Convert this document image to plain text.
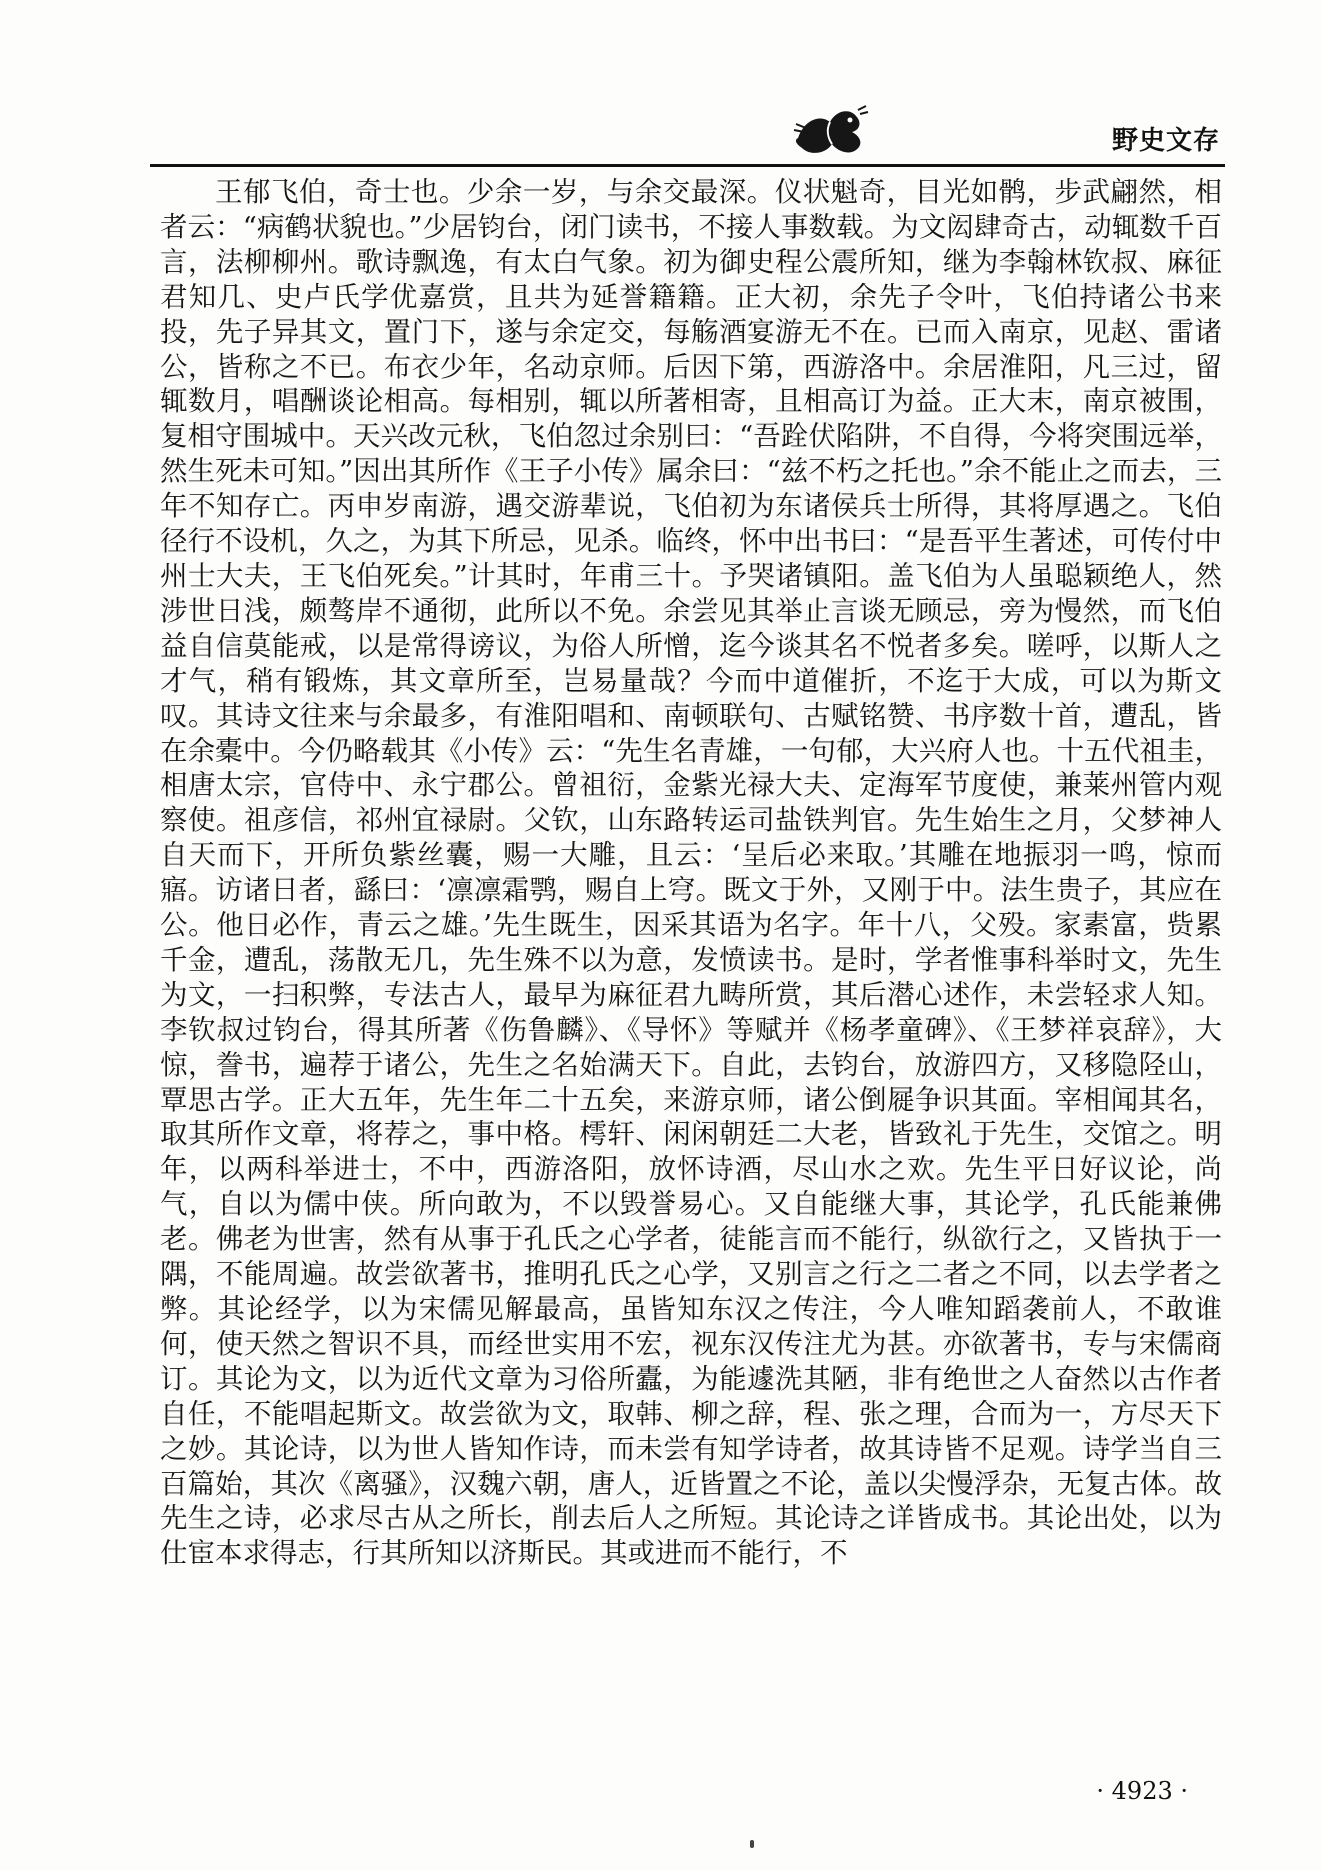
野史文存

王郁飞伯，奇士也。少余一岁，与余交最深。仪状魁奇，目光如鹘，步武翩然，相者云：“病鹤状貌也。”少居钧台，闭门读书，不接人事数载。为文闳肆奇古，动辄数千百言，法柳柳州。歌诗飘逸，有太白气象。初为御史程公震所知，继为李翰林钦叔、麻征君知几、史卢氏学优嘉赏，且共为延誉籍籍。正大初，余先子令叶，飞伯持诸公书来投，先子异其文，置门下，遂与余定交，每觞酒宴游无不在。已而入南京，见赵、雷诸公，皆称之不已。布衣少年，名动京师。后因下第，西游洛中。余居淮阳，凡三过，留辄数月，唱酬谈论相高。每相别，辄以所著相寄，且相高订为益。正大末，南京被围，复相守围城中。天兴改元秋，飞伯忽过余别曰：“吾跧伏陷阱，不自得，今将突围远举，然生死未可知。”因出其所作《王子小传》属余曰：“兹不朽之托也。”余不能止之而去，三年不知存亡。丙申岁南游，遇交游辈说，飞伯初为东诸侯兵士所得，其将厚遇之。飞伯径行不设机，久之，为其下所忌，见杀。临终，怀中出书曰：“是吾平生著述，可传付中州士大夫，王飞伯死矣。”计其时，年甫三十。予哭诸镇阳。盖飞伯为人虽聪颖绝人，然涉世日浅，颇骜岸不通彻，此所以不免。余尝见其举止言谈无顾忌，旁为慢然，而飞伯益自信莫能戒，以是常得谤议，为俗人所憎，迄今谈其名不悦者多矣。嗟呼，以斯人之才气，稍有锻炼，其文章所至，岂易量哉？今而中道催折，不迄于大成，可以为斯文叹。其诗文往来与余最多，有淮阳唱和、南顿联句、古赋铭赞、书序数十首，遭乱，皆在余橐中。今仍略载其《小传》云：“先生名青雄，一句郁，大兴府人也。十五代祖圭，相唐太宗，官侍中、永宁郡公。曾祖衍，金紫光禄大夫、定海军节度使，兼莱州管内观察使。祖彦信，祁州宜禄尉。父钦，山东路转运司盐铁判官。先生始生之月，父梦神人自天而下，开所负紫丝囊，赐一大雕，且云：‘呈后必来取。’其雕在地振羽一鸣，惊而寤。访诸日者，繇曰：‘凛凛霜鹗，赐自上穹。既文于外，又刚于中。法生贵子，其应在公。他日必作，青云之雄。’先生既生，因采其语为名字。年十八，父殁。家素富，赀累千金，遭乱，荡散无几，先生殊不以为意，发愤读书。是时，学者惟事科举时文，先生为文，一扫积弊，专法古人，最早为麻征君九畴所赏，其后潜心述作，未尝轻求人知。李钦叔过钧台，得其所著《伤鲁麟》、《导怀》等赋并《杨孝童碑》、《王梦祥哀辞》，大惊，誊书，遍荐于诸公，先生之名始满天下。自此，去钧台，放游四方，又移隐陉山，覃思古学。正大五年，先生年二十五矣，来游京师，诸公倒屣争识其面。宰相闻其名，取其所作文章，将荐之，事中格。樗轩、闲闲朝廷二大老，皆致礼于先生，交馆之。明年，以两科举进士，不中，西游洛阳，放怀诗酒，尽山水之欢。先生平日好议论，尚气，自以为儒中侠。所向敢为，不以毁誉易心。又自能继大事，其论学，孔氏能兼佛老。佛老为世害，然有从事于孔氏之心学者，徒能言而不能行，纵欲行之，又皆执于一隅，不能周遍。故尝欲著书，推明孔氏之心学，又别言之行之二者之不同，以去学者之弊。其论经学，以为宋儒见解最高，虽皆知东汉之传注，今人唯知蹈袭前人，不敢谁何，使天然之智识不具，而经世实用不宏，视东汉传注尤为甚。亦欲著书，专与宋儒商订。其论为文，以为近代文章为习俗所蠹，为能遽洗其陋，非有绝世之人奋然以古作者自任，不能唱起斯文。故尝欲为文，取韩、柳之辞，程、张之理，合而为一，方尽天下之妙。其论诗，以为世人皆知作诗，而未尝有知学诗者，故其诗皆不足观。诗学当自三百篇始，其次《离骚》，汉魏六朝，唐人，近皆置之不论，盖以尖慢浮杂，无复古体。故先生之诗，必求尽古从之所长，削去后人之所短。其论诗之详皆成书。其论出处，以为仕宦本求得志，行其所知以济斯民。其或进而不能行，不

· 4923 ·
